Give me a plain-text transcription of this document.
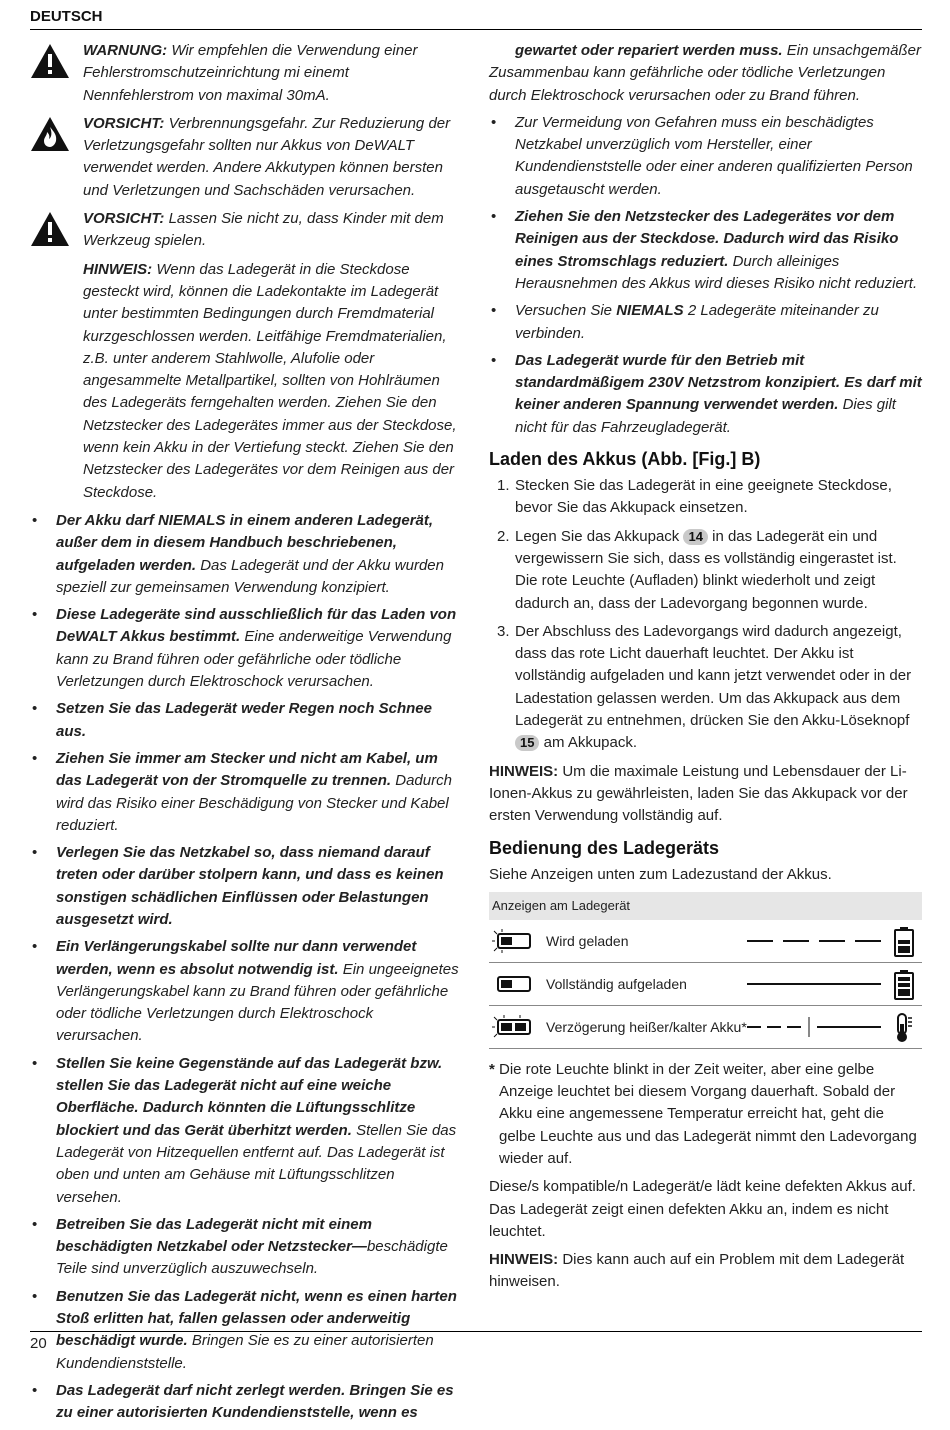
DEUTSCH
WARNUNG: Wir empfehlen die Verwendung einer Fehlerstromschutzeinrichtung mi einemt Nennfehlerstrom von maximal 30mA.
VORSICHT: Verbrennungsgefahr. Zur Reduzierung der Verletzungsgefahr sollten nur Akkus von DeWALT verwendet werden. Andere Akkutypen können bersten und Verletzungen und Sachschäden verursachen.
VORSICHT: Lassen Sie nicht zu, dass Kinder mit dem Werkzeug spielen.
HINWEIS: Wenn das Ladegerät in die Steckdose gesteckt wird, können die Ladekontakte im Ladegerät unter bestimmten Bedingungen durch Fremdmaterial kurzgeschlossen werden. Leitfähige Fremdmaterialien, z.B. unter anderem Stahlwolle, Alufolie oder angesammelte Metallpartikel, sollten von Hohlräumen des Ladegeräts ferngehalten werden. Ziehen Sie den Netzstecker des Ladegerätes immer aus der Steckdose, wenn kein Akku in der Vertiefung steckt. Ziehen Sie den Netzstecker des Ladegerätes vor dem Reinigen aus der Steckdose.
• Der Akku darf NIEMALS in einem anderen Ladegerät, außer dem in diesem Handbuch beschriebenen, aufgeladen werden. Das Ladegerät und der Akku wurden speziell zur gemeinsamen Verwendung konzipiert.
• Diese Ladegeräte sind ausschließlich für das Laden von DeWALT Akkus bestimmt. Eine anderweitige Verwendung kann zu Brand führen oder gefährliche oder tödliche Verletzungen durch Elektroschock verursachen.
• Setzen Sie das Ladegerät weder Regen noch Schnee aus.
• Ziehen Sie immer am Stecker und nicht am Kabel, um das Ladegerät von der Stromquelle zu trennen. Dadurch wird das Risiko einer Beschädigung von Stecker und Kabel reduziert.
• Verlegen Sie das Netzkabel so, dass niemand darauf treten oder darüber stolpern kann, und dass es keinen sonstigen schädlichen Einflüssen oder Belastungen ausgesetzt wird.
• Ein Verlängerungskabel sollte nur dann verwendet werden, wenn es absolut notwendig ist. Ein ungeeignetes Verlängerungskabel kann zu Brand führen oder gefährliche oder tödliche Verletzungen durch Elektroschock verursachen.
• Stellen Sie keine Gegenstände auf das Ladegerät bzw. stellen Sie das Ladegerät nicht auf eine weiche Oberfläche. Dadurch könnten die Lüftungsschlitze blockiert und das Gerät überhitzt werden. Stellen Sie das Ladegerät von Hitzequellen entfernt auf. Das Ladegerät ist oben und unten am Gehäuse mit Lüftungsschlitzen versehen.
• Betreiben Sie das Ladegerät nicht mit einem beschädigten Netzkabel oder Netzstecker—beschädigte Teile sind unverzüglich auszuwechseln.
• Benutzen Sie das Ladegerät nicht, wenn es einen harten Stoß erlitten hat, fallen gelassen oder anderweitig beschädigt wurde. Bringen Sie es zu einer autorisierten Kundendienststelle.
• Das Ladegerät darf nicht zerlegt werden. Bringen Sie es zu einer autorisierten Kundendienststelle, wenn es
gewartet oder repariert werden muss. Ein unsachgemäßer Zusammenbau kann gefährliche oder tödliche Verletzungen durch Elektroschock verursachen oder zu Brand führen.
• Zur Vermeidung von Gefahren muss ein beschädigtes Netzkabel unverzüglich vom Hersteller, einer Kundendienststelle oder einer anderen qualifizierten Person ausgetauscht werden.
• Ziehen Sie den Netzstecker des Ladegerätes vor dem Reinigen aus der Steckdose. Dadurch wird das Risiko eines Stromschlags reduziert. Durch alleiniges Herausnehmen des Akkus wird dieses Risiko nicht reduziert.
• Versuchen Sie NIEMALS 2 Ladegeräte miteinander zu verbinden.
• Das Ladegerät wurde für den Betrieb mit standardmäßigem 230V Netzstrom konzipiert. Es darf mit keiner anderen Spannung verwendet werden. Dies gilt nicht für das Fahrzeugladegerät.
Laden des Akkus (Abb. [Fig.] B)
1. Stecken Sie das Ladegerät in eine geeignete Steckdose, bevor Sie das Akkupack einsetzen.
2. Legen Sie das Akkupack 14 in das Ladegerät ein und vergewissern Sie sich, dass es vollständig eingerastet ist. Die rote Leuchte (Aufladen) blinkt wiederholt und zeigt dadurch an, dass der Ladevorgang begonnen wurde.
3. Der Abschluss des Ladevorgangs wird dadurch angezeigt, dass das rote Licht dauerhaft leuchtet. Der Akku ist vollständig aufgeladen und kann jetzt verwendet oder in der Ladestation gelassen werden. Um das Akkupack aus dem Ladegerät zu entnehmen, drücken Sie den Akku-Löseknopf 15 am Akkupack.

HINWEIS: Um die maximale Leistung und Lebensdauer der Li-Ionen-Akkus zu gewährleisten, laden Sie das Akkupack vor der ersten Verwendung vollständig auf.

Bedienung des Ladegeräts

Siehe Anzeigen unten zum Ladezustand der Akkus.

Anzeigen am Ladegerät
Wird geladen
Vollständig aufgeladen
Verzögerung heißer/kalter Akku*

* Die rote Leuchte blinkt in der Zeit weiter, aber eine gelbe Anzeige leuchtet bei diesem Vorgang dauerhaft. Sobald der Akku eine angemessene Temperatur erreicht hat, geht die gelbe Leuchte aus und das Ladegerät nimmt den Ladevorgang wieder auf.

Diese/s kompatible/n Ladegerät/e lädt keine defekten Akkus auf. Das Ladegerät zeigt einen defekten Akku an, indem es nicht leuchtet.

HINWEIS: Dies kann auch auf ein Problem mit dem Ladegerät hinweisen.

20
